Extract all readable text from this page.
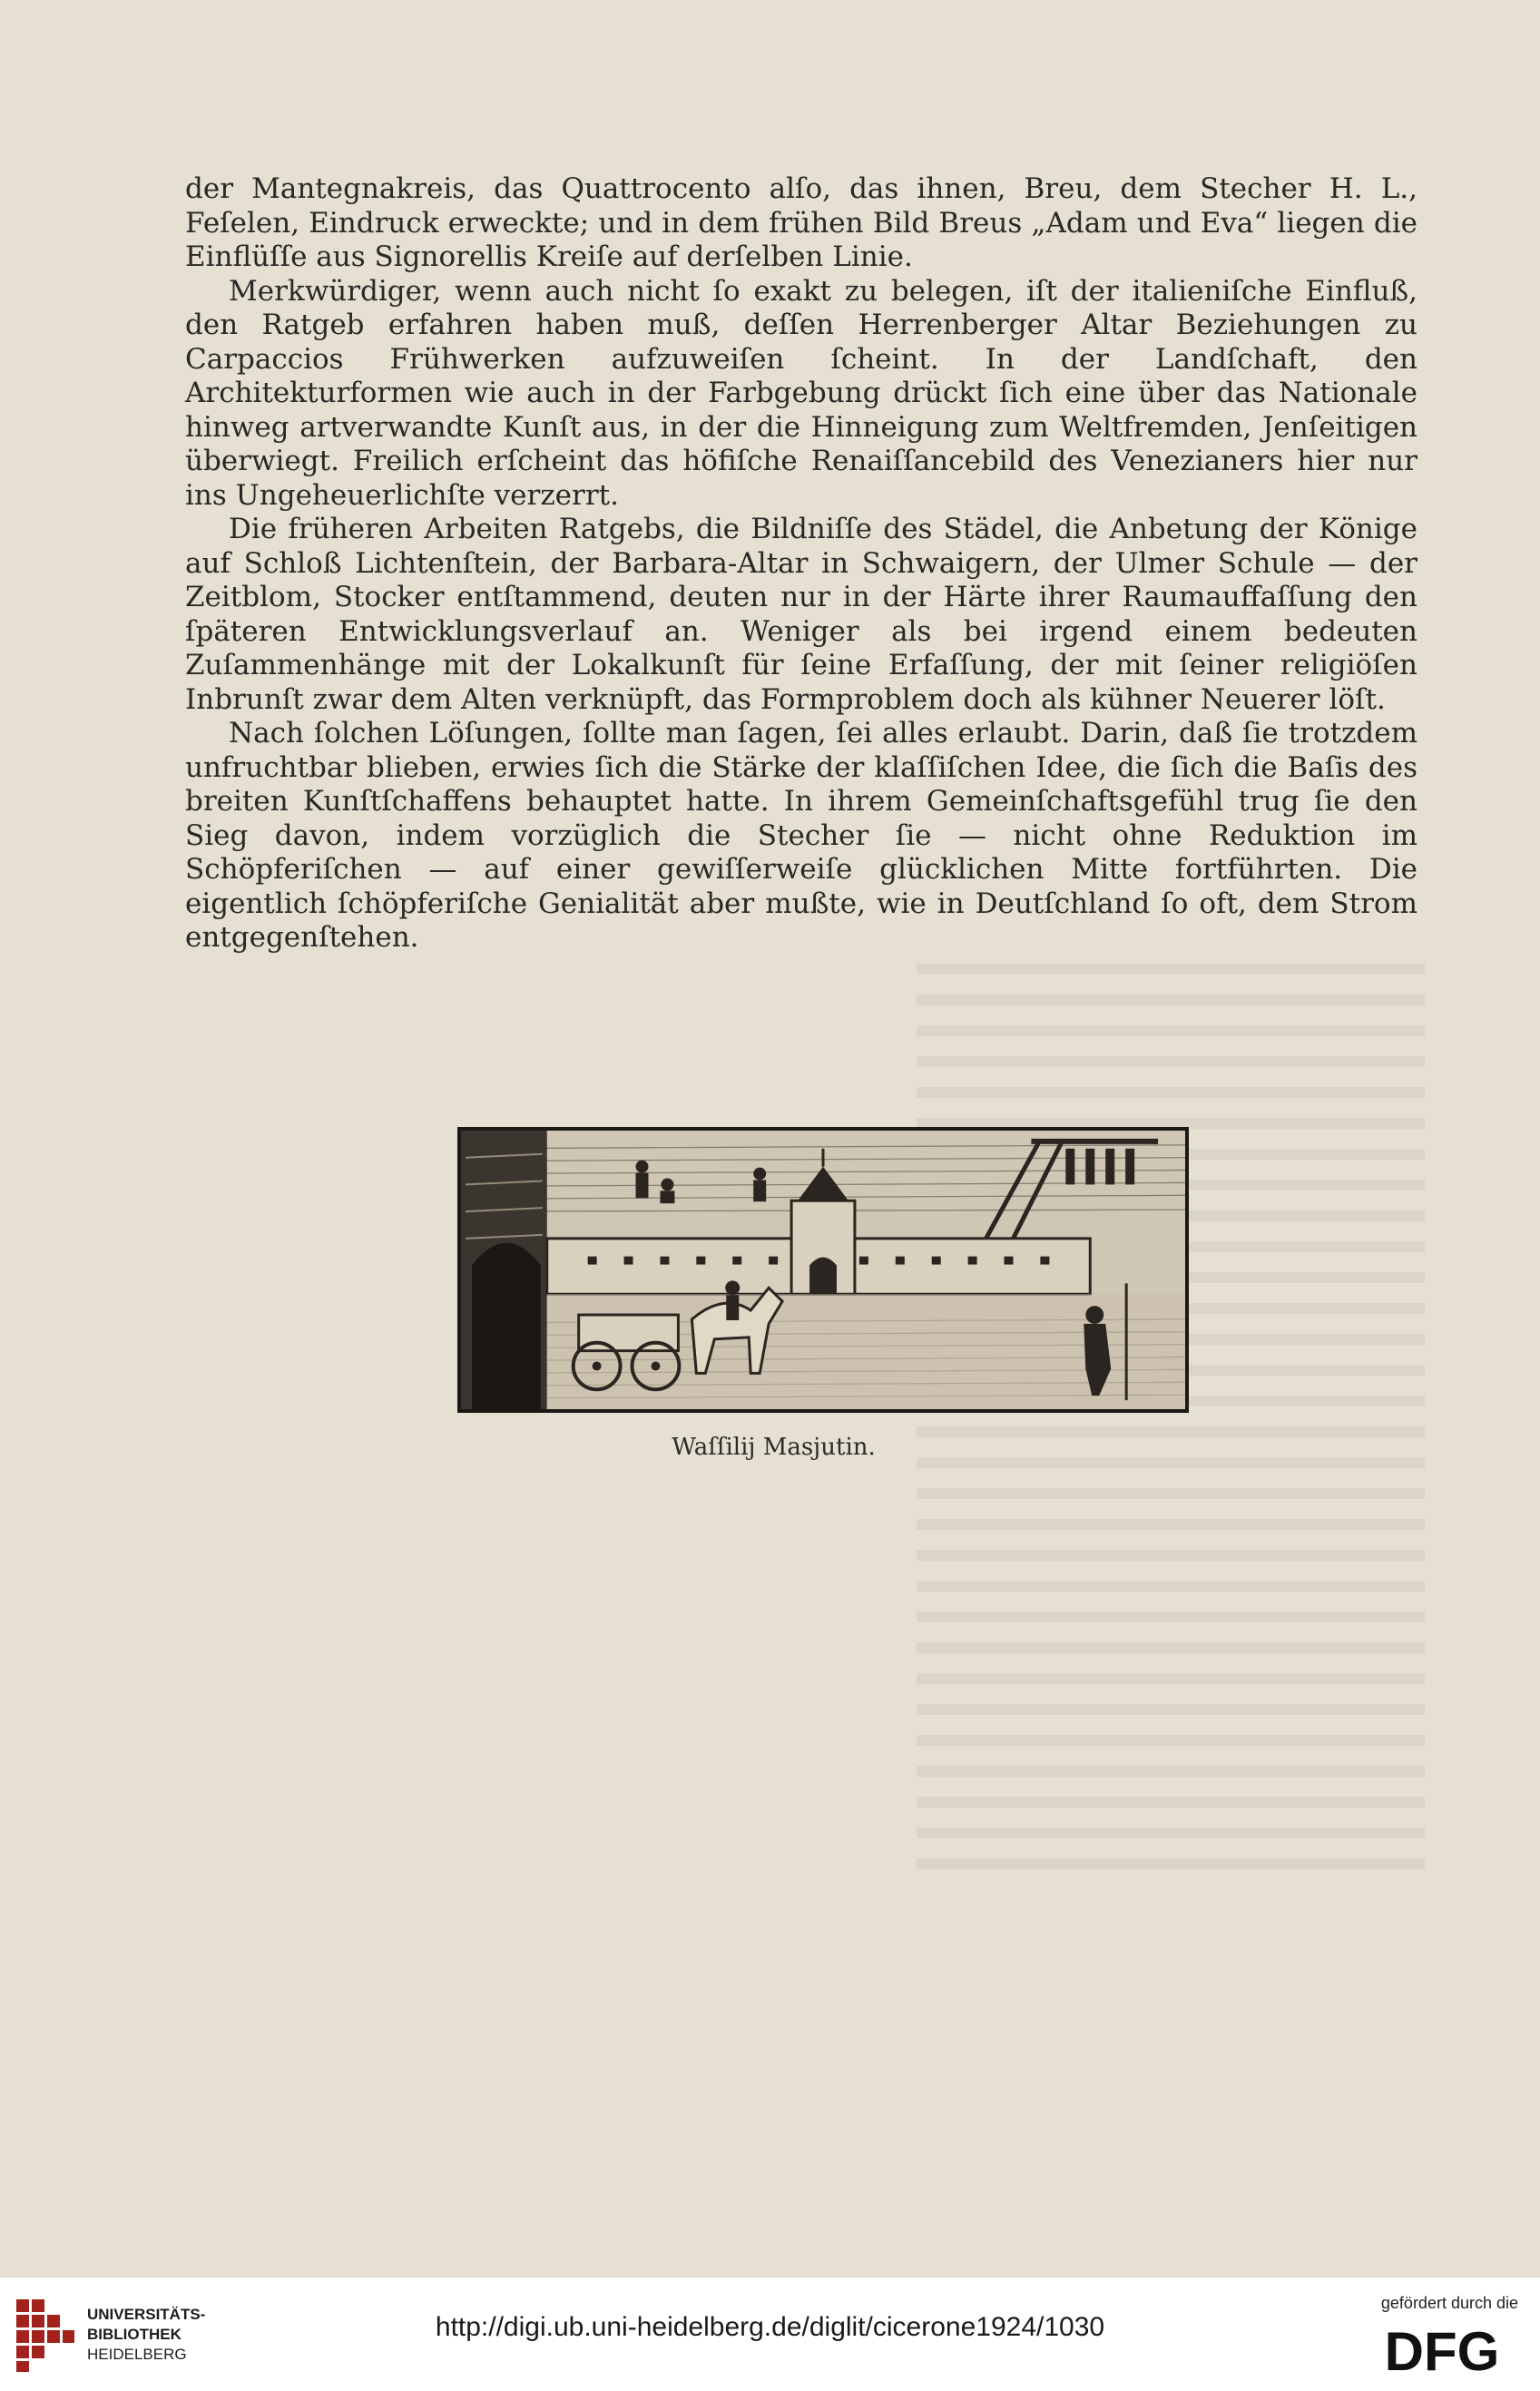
der Mantegnakreis, das Quattrocento alſo, das ihnen, Breu, dem Stecher H. L., Feſelen, Eindruck erweckte; und in dem frühen Bild Breus „Adam und Eva“ liegen die Einflüſſe aus Signorellis Kreiſe auf derſelben Linie.

Merkwürdiger, wenn auch nicht ſo exakt zu belegen, iſt der italieniſche Einfluß, den Ratgeb erfahren haben muß, deſſen Herrenberger Altar Beziehungen zu Carpaccios Frühwerken aufzuweiſen ſcheint. In der Landſchaft, den Architekturformen wie auch in der Farbgebung drückt ſich eine über das Nationale hinweg artverwandte Kunſt aus, in der die Hinneigung zum Weltfremden, Jenſeitigen überwiegt. Freilich erſcheint das höfiſche Renaiſſancebild des Venezianers hier nur ins Ungeheuerlichſte verzerrt.

Die früheren Arbeiten Ratgebs, die Bildniſſe des Städel, die Anbetung der Könige auf Schloß Lichtenſtein, der Barbara-Altar in Schwaigern, der Ulmer Schule — der Zeitblom, Stocker entſtammend, deuten nur in der Härte ihrer Raumauffaſſung den ſpäteren Entwicklungsverlauf an. Weniger als bei irgend einem bedeuten Zuſammenhänge mit der Lokalkunſt für ſeine Erfaſſung, der mit ſeiner religiöſen Inbrunſt zwar dem Alten verknüpft, das Formproblem doch als kühner Neuerer löſt.

Nach ſolchen Löſungen, ſollte man ſagen, ſei alles erlaubt. Darin, daß ſie trotzdem unfruchtbar blieben, erwies ſich die Stärke der klaſſiſchen Idee, die ſich die Baſis des breiten Kunſtſchaffens behauptet hatte. In ihrem Gemeinſchaftsgefühl trug ſie den Sieg davon, indem vorzüglich die Stecher ſie — nicht ohne Reduktion im Schöpferiſchen — auf einer gewiſſerweiſe glücklichen Mitte fortführten. Die eigentlich ſchöpferiſche Genialität aber mußte, wie in Deutſchland ſo oft, dem Strom entgegenſtehen.

Waſſilij Masjutin.
UNIVERSITÄTS-
BIBLIOTHEK
HEIDELBERG
http://digi.ub.uni-heidelberg.de/diglit/cicerone1924/1030
gefördert durch die
DFG
